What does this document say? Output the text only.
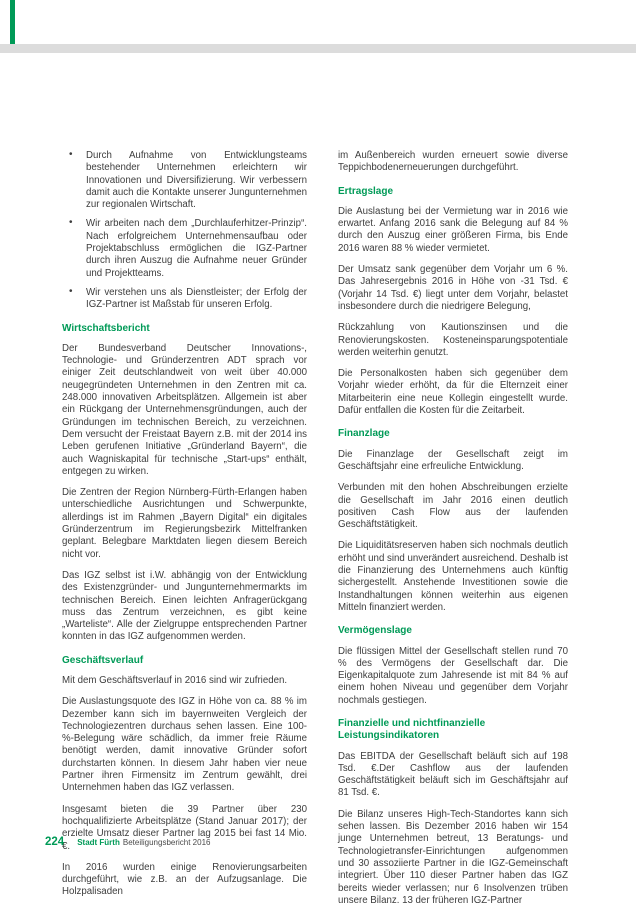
• Durch Aufnahme von Entwicklungsteams bestehender Unternehmen erleichtern wir Innovationen und Diversifizierung. Wir verbessern damit auch die Kontakte unserer Jungunternehmen zur regionalen Wirtschaft.
• Wir arbeiten nach dem „Durchlauferhitzer-Prinzip“. Nach erfolgreichem Unternehmensaufbau oder Projektabschluss ermöglichen die IGZ-Partner durch ihren Auszug die Aufnahme neuer Gründer und Projektteams.
• Wir verstehen uns als Dienstleister; der Erfolg der IGZ-Partner ist Maßstab für unseren Erfolg.
Wirtschaftsbericht

Der Bundesverband Deutscher Innovations-, Technologie- und Gründerzentren ADT sprach vor einiger Zeit deutschlandweit von weit über 40.000 neugegründeten Unternehmen in den Zentren mit ca. 248.000 innovativen Arbeitsplätzen. Allgemein ist aber ein Rückgang der Unternehmensgründungen, auch der Gründungen im technischen Bereich, zu verzeichnen. Dem versucht der Freistaat Bayern z.B. mit der 2014 ins Leben gerufenen Initiative „Gründerland Bayern“, die auch Wagniskapital für technische „Start-ups“ enthält, entgegen zu wirken.

Die Zentren der Region Nürnberg-Fürth-Erlangen haben unterschiedliche Ausrichtungen und Schwerpunkte, allerdings ist im Rahmen „Bayern Digital“ ein digitales Gründerzentrum im Regierungsbezirk Mittelfranken geplant. Belegbare Marktdaten liegen diesem Bereich nicht vor.

Das IGZ selbst ist i.W. abhängig von der Entwicklung des Existenzgründer- und Jungunternehmermarkts im technischen Bereich. Einen leichten Anfragerückgang muss das Zentrum verzeichnen, es gibt keine „Warteliste“. Alle der Zielgruppe entsprechenden Partner konnten in das IGZ aufgenommen werden.

Geschäftsverlauf

Mit dem Geschäftsverlauf in 2016 sind wir zufrieden.

Die Auslastungsquote des IGZ in Höhe von ca. 88 % im Dezember kann sich im bayernweiten Vergleich der Technologiezentren durchaus sehen lassen. Eine 100-%-Belegung wäre schädlich, da immer freie Räume benötigt werden, damit innovative Gründer sofort durchstarten können. In diesem Jahr haben vier neue Partner ihren Firmensitz im Zentrum gewählt, drei Unternehmen haben das IGZ verlassen.

Insgesamt bieten die 39 Partner über 230 hochqualifizierte Arbeitsplätze (Stand Januar 2017); der erzielte Umsatz dieser Partner lag 2015 bei fast 14 Mio. €.

In 2016 wurden einige Renovierungsarbeiten durchgeführt, wie z.B. an der Aufzugsanlage. Die Holzpalisaden

im Außenbereich wurden erneuert sowie diverse Teppichbodenerneuerungen durchgeführt.

Ertragslage

Die Auslastung bei der Vermietung war in 2016 wie erwartet. Anfang 2016 sank die Belegung auf 84 % durch den Auszug einer größeren Firma, bis Ende 2016 waren 88 % wieder vermietet.

Der Umsatz sank gegenüber dem Vorjahr um 6 %. Das Jahresergebnis 2016 in Höhe von -31 Tsd. € (Vorjahr 14 Tsd. €) liegt unter dem Vorjahr, belastet insbesondere durch die niedrigere Belegung,

Rückzahlung von Kautionszinsen und die Renovierungskosten. Kosteneinsparungspotentiale werden weiterhin genutzt.

Die Personalkosten haben sich gegenüber dem Vorjahr wieder erhöht, da für die Elternzeit einer Mitarbeiterin eine neue Kollegin eingestellt wurde. Dafür entfallen die Kosten für die Zeitarbeit.

Finanzlage

Die Finanzlage der Gesellschaft zeigt im Geschäftsjahr eine erfreuliche Entwicklung.

Verbunden mit den hohen Abschreibungen erzielte die Gesellschaft im Jahr 2016 einen deutlich positiven Cash Flow aus der laufenden Geschäftstätigkeit.

Die Liquiditätsreserven haben sich nochmals deutlich erhöht und sind unverändert ausreichend. Deshalb ist die Finanzierung des Unternehmens auch künftig sichergestellt. Anstehende Investitionen sowie die Instandhaltungen können weiterhin aus eigenen Mitteln finanziert werden.

Vermögenslage

Die flüssigen Mittel der Gesellschaft stellen rund 70 % des Vermögens der Gesellschaft dar. Die Eigenkapitalquote zum Jahresende ist mit 84 % auf einem hohen Niveau und gegenüber dem Vorjahr nochmals gestiegen.

Finanzielle und nichtfinanzielle Leistungsindikatoren

Das EBITDA der Gesellschaft beläuft sich auf 198 Tsd. €.Der Cashflow aus der laufenden Geschäftstätigkeit beläuft sich im Geschäftsjahr auf 81 Tsd. €.

Die Bilanz unseres High-Tech-Standortes kann sich sehen lassen. Bis Dezember 2016 haben wir 154 junge Unternehmen betreut, 13 Beratungs- und Technologietransfer-Einrichtungen aufgenommen und 30 assoziierte Partner in die IGZ-Gemeinschaft integriert. Über 110 dieser Partner haben das IGZ bereits wieder verlassen; nur 6 Insolvenzen trüben unsere Bilanz. 13 der früheren IGZ-Partner

224 Stadt Fürth Beteiligungsbericht 2016
